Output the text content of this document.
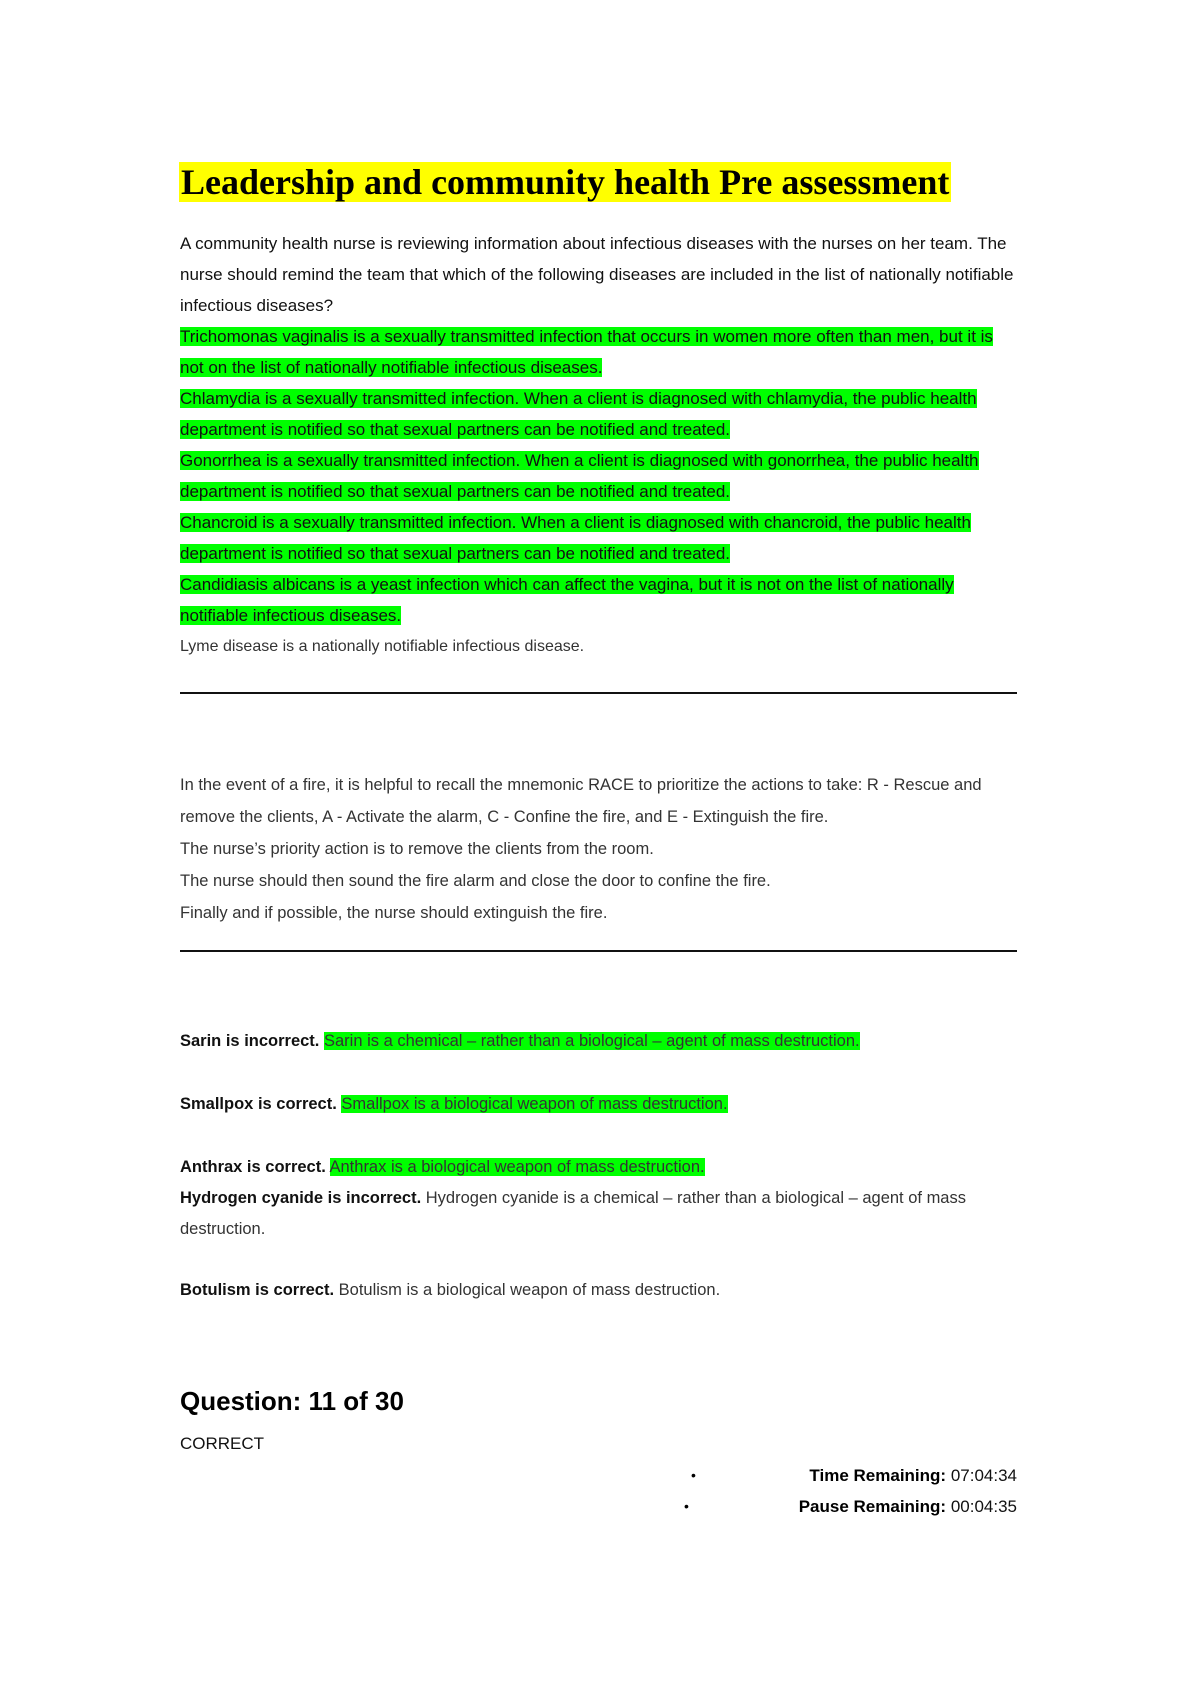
Leadership and community health Pre assessment
A community health nurse is reviewing information about infectious diseases with the nurses on her team. The nurse should remind the team that which of the following diseases are included in the list of nationally notifiable infectious diseases?
Trichomonas vaginalis is a sexually transmitted infection that occurs in women more often than men, but it is not on the list of nationally notifiable infectious diseases.
Chlamydia is a sexually transmitted infection. When a client is diagnosed with chlamydia, the public health department is notified so that sexual partners can be notified and treated.
Gonorrhea is a sexually transmitted infection. When a client is diagnosed with gonorrhea, the public health department is notified so that sexual partners can be notified and treated.
Chancroid is a sexually transmitted infection. When a client is diagnosed with chancroid, the public health department is notified so that sexual partners can be notified and treated.
Candidiasis albicans is a yeast infection which can affect the vagina, but it is not on the list of nationally notifiable infectious diseases.
Lyme disease is a nationally notifiable infectious disease.
In the event of a fire, it is helpful to recall the mnemonic RACE to prioritize the actions to take: R - Rescue and remove the clients, A - Activate the alarm, C - Confine the fire, and E - Extinguish the fire.
The nurse’s priority action is to remove the clients from the room.
The nurse should then sound the fire alarm and close the door to confine the fire.
Finally and if possible, the nurse should extinguish the fire.
Sarin is incorrect. Sarin is a chemical – rather than a biological – agent of mass destruction.
Smallpox is correct. Smallpox is a biological weapon of mass destruction.
Anthrax is correct. Anthrax is a biological weapon of mass destruction.
Hydrogen cyanide is incorrect. Hydrogen cyanide is a chemical – rather than a biological – agent of mass destruction.
Botulism is correct. Botulism is a biological weapon of mass destruction.
Question: 11 of 30
CORRECT
•	Time Remaining: 07:04:34
•	Pause Remaining: 00:04:35
